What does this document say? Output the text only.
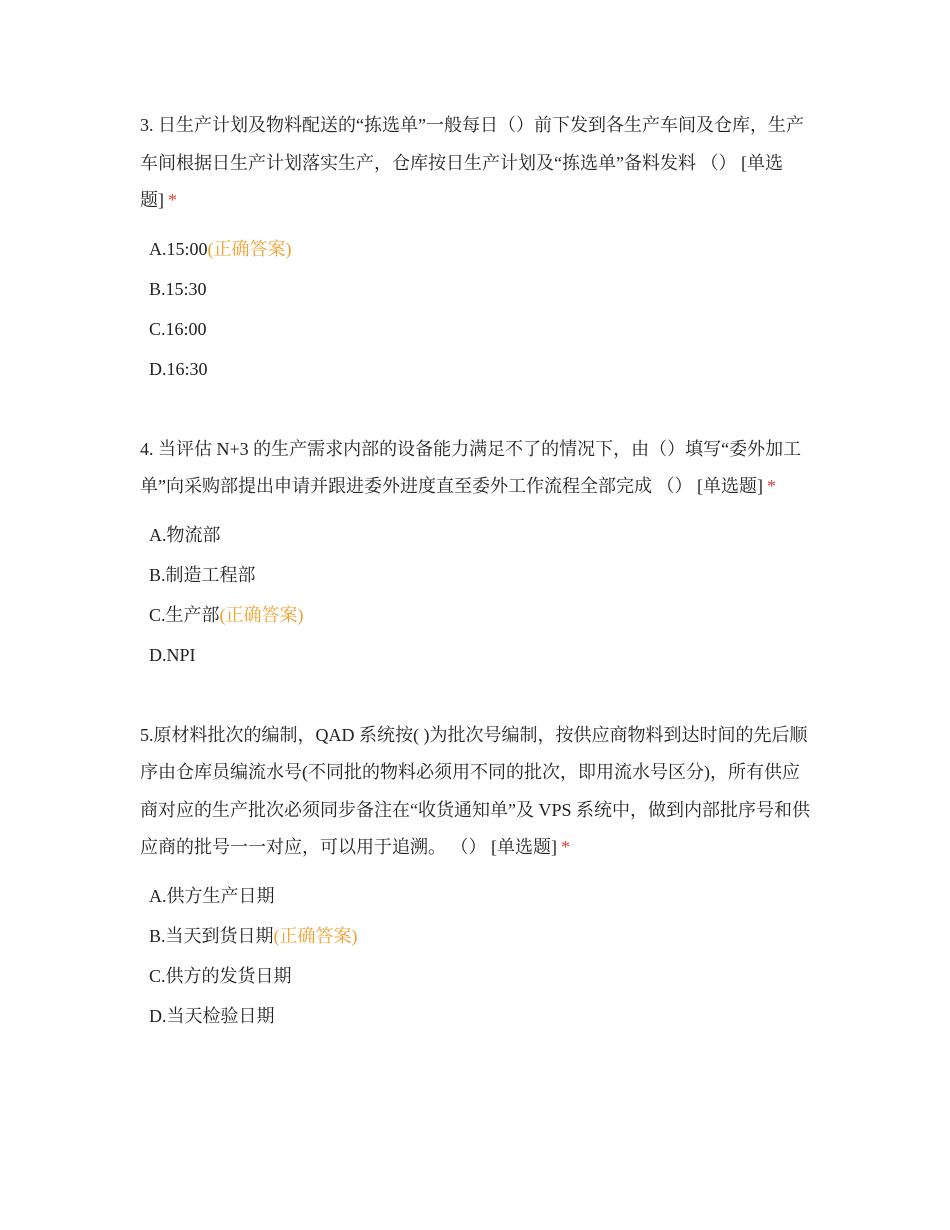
3. 日生产计划及物料配送的“拣选单”一般每日（）前下发到各生产车间及仓库，生产车间根据日生产计划落实生产，仓库按日生产计划及“拣选单”备料发料 （） [单选题] *

A.15:00(正确答案)
B.15:30
C.16:00
D.16:30

4. 当评估 N+3 的生产需求内部的设备能力满足不了的情况下，由（）填写“委外加工单”向采购部提出申请并跟进委外进度直至委外工作流程全部完成 （） [单选题] *

A.物流部
B.制造工程部
C.生产部(正确答案)
D.NPI

5.原材料批次的编制，QAD 系统按( )为批次号编制，按供应商物料到达时间的先后顺序由仓库员编流水号(不同批的物料必须用不同的批次，即用流水号区分)，所有供应商对应的生产批次必须同步备注在“收货通知单”及 VPS 系统中，做到内部批序号和供应商的批号一一对应，可以用于追溯。 （） [单选题] *

A.供方生产日期
B.当天到货日期(正确答案)
C.供方的发货日期
D.当天检验日期
